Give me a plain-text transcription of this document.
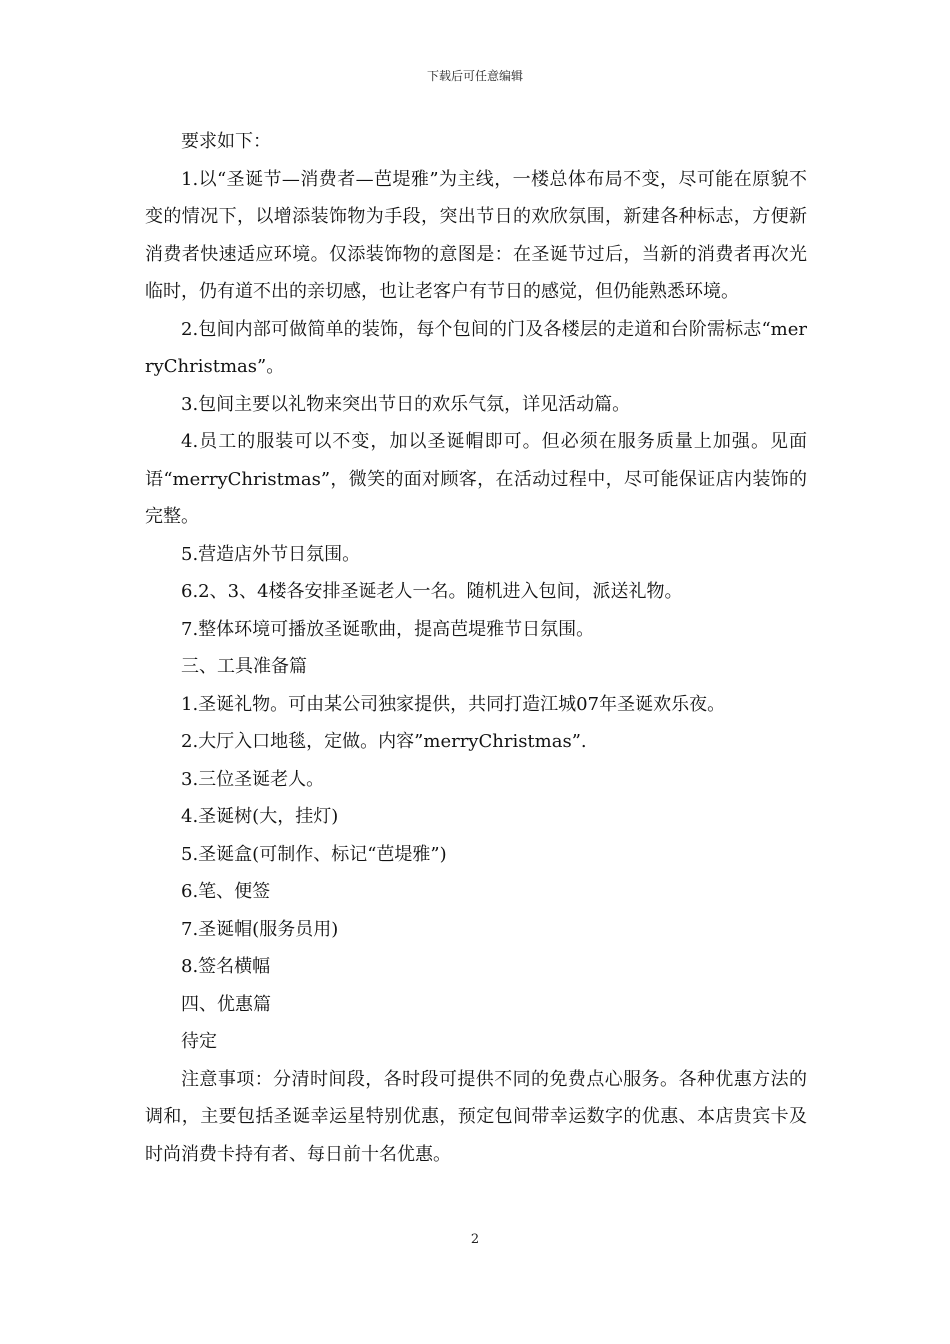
下载后可任意编辑

要求如下：

1.以“圣诞节—消费者—芭堤雅”为主线，一楼总体布局不变，尽可能在原貌不变的情况下，以增添装饰物为手段，突出节日的欢欣氛围，新建各种标志，方便新消费者快速适应环境。仅添装饰物的意图是：在圣诞节过后，当新的消费者再次光临时，仍有道不出的亲切感，也让老客户有节日的感觉，但仍能熟悉环境。

2.包间内部可做简单的装饰，每个包间的门及各楼层的走道和台阶需标志“merryChristmas”。

3.包间主要以礼物来突出节日的欢乐气氛，详见活动篇。

4.员工的服装可以不变，加以圣诞帽即可。但必须在服务质量上加强。见面语“merryChristmas”，微笑的面对顾客，在活动过程中，尽可能保证店内装饰的完整。

5.营造店外节日氛围。

6.2、3、4楼各安排圣诞老人一名。随机进入包间，派送礼物。

7.整体环境可播放圣诞歌曲，提高芭堤雅节日氛围。

三、工具准备篇

1.圣诞礼物。可由某公司独家提供，共同打造江城07年圣诞欢乐夜。

2.大厅入口地毯，定做。内容”merryChristmas”.

3.三位圣诞老人。

4.圣诞树(大，挂灯)

5.圣诞盒(可制作、标记“芭堤雅”)

6.笔、便签

7.圣诞帽(服务员用)

8.签名横幅

四、优惠篇

待定

注意事项：分清时间段，各时段可提供不同的免费点心服务。各种优惠方法的调和，主要包括圣诞幸运星特别优惠，预定包间带幸运数字的优惠、本店贵宾卡及时尚消费卡持有者、每日前十名优惠。

2
